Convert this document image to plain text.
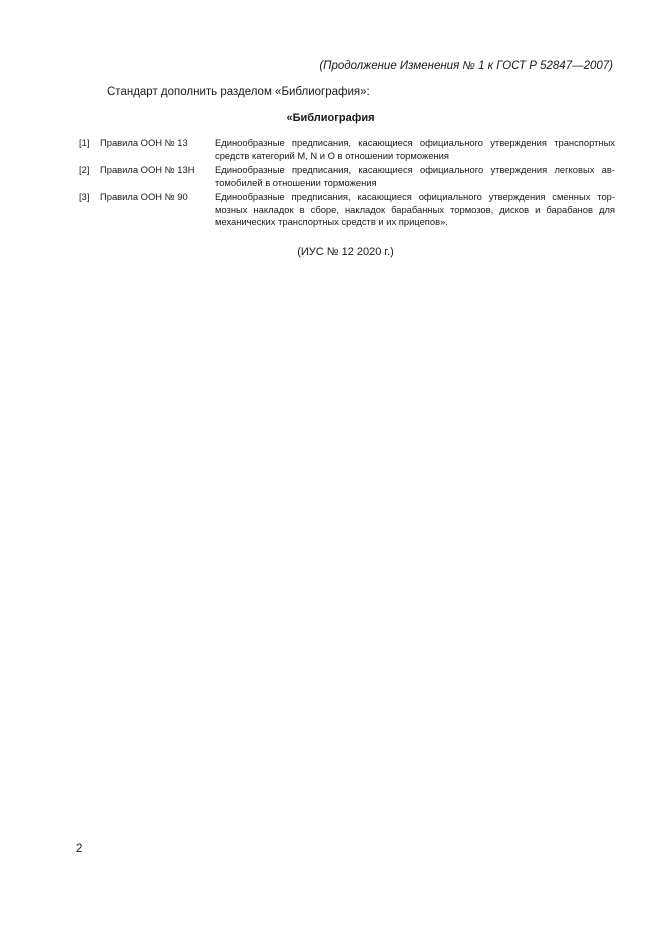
(Продолжение Изменения № 1 к ГОСТ Р 52847—2007)
Стандарт дополнить разделом «Библиография»:
«Библиография
[1]	Правила ООН № 13	Единообразные предписания, касающиеся официального утверждения транспортных средств категорий M, N и O в отношении торможения
[2]	Правила ООН № 13Н	Единообразные предписания, касающиеся официального утверждения легковых автомобилей в отношении торможения
[3]	Правила ООН № 90	Единообразные предписания, касающиеся официального утверждения сменных тормозных накладок в сборе, накладок барабанных тормозов, дисков и барабанов для механических транспортных средств и их прицепов».
(ИУС № 12 2020 г.)
2
